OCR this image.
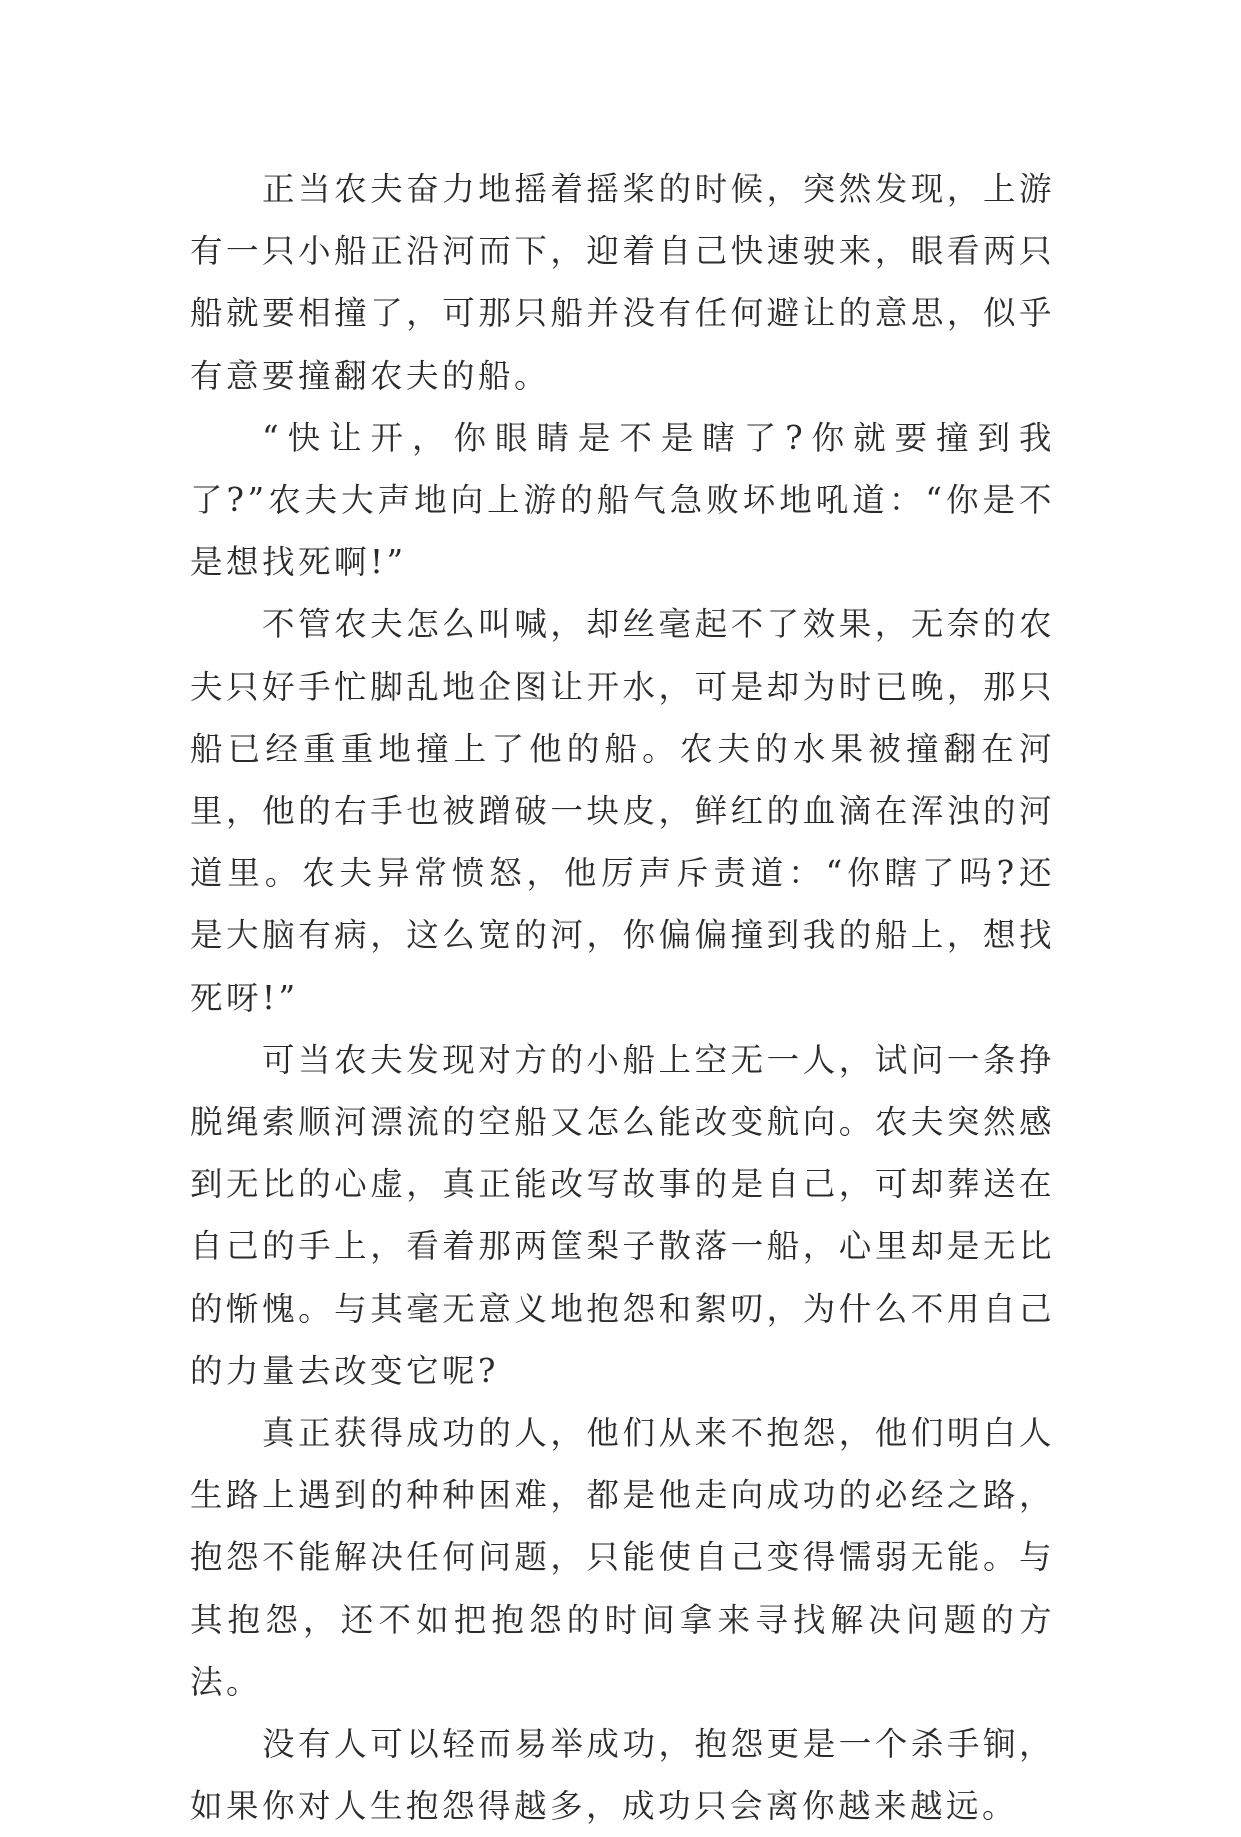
正当农夫奋力地摇着摇桨的时候，突然发现，上游有一只小船正沿河而下，迎着自己快速驶来，眼看两只船就要相撞了，可那只船并没有任何避让的意思，似乎有意要撞翻农夫的船。

“快让开，你眼睛是不是瞎了?你就要撞到我了?”农夫大声地向上游的船气急败坏地吼道：“你是不是想找死啊!”

不管农夫怎么叫喊，却丝毫起不了效果，无奈的农夫只好手忙脚乱地企图让开水，可是却为时已晚，那只船已经重重地撞上了他的船。农夫的水果被撞翻在河里，他的右手也被蹭破一块皮，鲜红的血滴在浑浊的河道里。农夫异常愤怒，他厉声斥责道：“你瞎了吗?还是大脑有病，这么宽的河，你偏偏撞到我的船上，想找死呀!”

可当农夫发现对方的小船上空无一人，试问一条挣脱绳索顺河漂流的空船又怎么能改变航向。农夫突然感到无比的心虚，真正能改写故事的是自己，可却葬送在自己的手上，看着那两筐梨子散落一船，心里却是无比的惭愧。与其毫无意义地抱怨和絮叨，为什么不用自己的力量去改变它呢?

真正获得成功的人，他们从来不抱怨，他们明白人生路上遇到的种种困难，都是他走向成功的必经之路，抱怨不能解决任何问题，只能使自己变得懦弱无能。与其抱怨，还不如把抱怨的时间拿来寻找解决问题的方法。

没有人可以轻而易举成功，抱怨更是一个杀手锏，如果你对人生抱怨得越多，成功只会离你越来越远。
